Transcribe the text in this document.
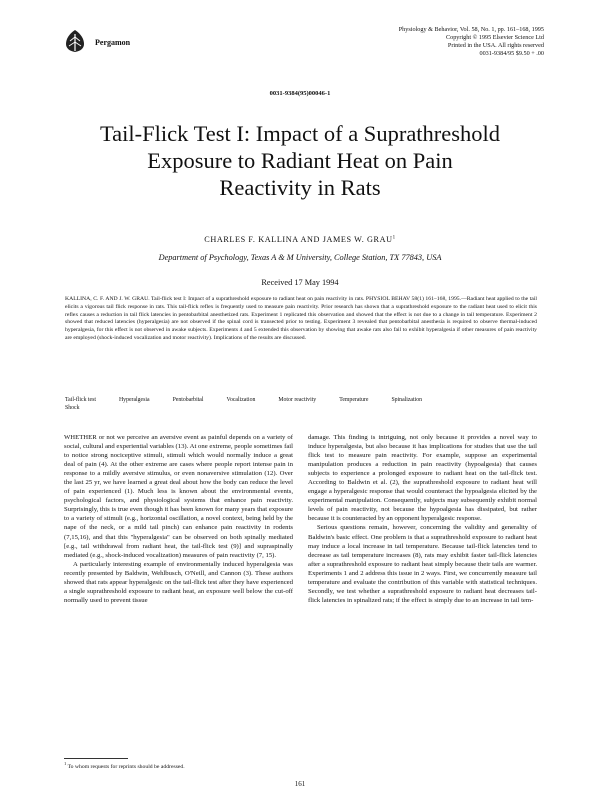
Pergamon
Physiology & Behavior, Vol. 58, No. 1, pp. 161–168, 1995
Copyright © 1995 Elsevier Science Ltd
Printed in the USA. All rights reserved
0031-9384/95 $9.50 + .00
0031-9384(95)00046-1
Tail-Flick Test I: Impact of a Suprathreshold
Exposure to Radiant Heat on Pain
Reactivity in Rats
CHARLES F. KALLINA AND JAMES W. GRAU$^1$
Department of Psychology, Texas A & M University, College Station, TX 77843, USA
Received 17 May 1994
KALLINA, C. F. AND J. W. GRAU. Tail-flick test I: Impact of a suprathreshold exposure to radiant heat on pain reactivity in rats. PHYSIOL BEHAV 58(1) 161–168, 1995.—Radiant heat applied to the tail elicits a vigorous tail flick response in rats. This tail-flick reflex is frequently used to measure pain reactivity. Prior research has shown that a suprathreshold exposure to the radiant heat used to elicit this reflex causes a reduction in tail flick latencies in pentobarbital anesthetized rats. Experiment 1 replicated this observation and showed that the effect is not due to a change in tail temperature. Experiment 2 showed that reduced latencies (hyperalgesia) are not observed if the spinal cord is transected prior to testing. Experiment 3 revealed that pentobarbital anesthesia is required to observe thermal-induced hyperalgesia, for this effect is not observed in awake subjects. Experiments 4 and 5 extended this observation by showing that awake rats also fail to exhibit hyperalgesia if other measures of pain reactivity are employed (shock-induced vocalization and motor reactivity). Implications of the results are discussed.
Tail-flick test	Hyperalgesia	Pentobarbital	Vocalization	Motor reactivity	Temperature	Spinalization
Shock

WHETHER or not we perceive an aversive event as painful depends on a variety of social, cultural and experiential variables (13). At one extreme, people sometimes fail to notice strong nociceptive stimuli, stimuli which would normally induce a great deal of pain (4). At the other extreme are cases where people report intense pain in response to a mildly aversive stimulus, or even nonaversive stimulation (12). Over the last 25 yr, we have learned a great deal about how the body can reduce the level of pain experienced (1). Much less is known about the environmental events, psychological factors, and physiological systems that enhance pain reactivity. Surprisingly, this is true even though it has been known for many years that exposure to a variety of stimuli (e.g., horizontal oscillation, a novel context, being held by the nape of the neck, or a mild tail pinch) can enhance pain reactivity in rodents (7,15,16), and that this "hyperalgesia" can be observed on both spinally mediated [e.g., tail withdrawal from radiant heat, the tail-flick test (9)] and supraspinally mediated (e.g., shock-induced vocalization) measures of pain reactivity (7, 15).

A particularly interesting example of environmentally induced hyperalgesia was recently presented by Baldwin, Wehlbusch, O'Neill, and Cannon (3). These authors showed that rats appear hyperalgesic on the tail-flick test after they have experienced a single suprathreshold exposure to radiant heat, an exposure well below the cut-off normally used to prevent tissue

damage. This finding is intriguing, not only because it provides a novel way to induce hyperalgesia, but also because it has implications for studies that use the tail flick test to measure pain reactivity. For example, suppose an experimental manipulation produces a reduction in pain reactivity (hypoalgesia) that causes subjects to experience a prolonged exposure to radiant heat on the tail-flick test. According to Baldwin et al. (2), the suprathreshold exposure to radiant heat will engage a hyperalgesic response that would counteract the hypoalgesia elicited by the experimental manipulation. Consequently, subjects may subsequently exhibit normal levels of pain reactivity, not because the hypoalgesia has dissipated, but rather because it is counteracted by an opponent hyperalgesic response.

Serious questions remain, however, concerning the validity and generality of Baldwin's basic effect. One problem is that a suprathreshold exposure to radiant heat may induce a local increase in tail temperature. Because tail-flick latencies tend to decrease as tail temperature increases (8), rats may exhibit faster tail-flick latencies after a suprathreshold exposure to radiant heat simply because their tails are warmer. Experiments 1 and 2 address this issue in 2 ways. First, we concurrently measure tail temperature and evaluate the contribution of this variable with statistical techniques. Secondly, we test whether a suprathreshold exposure to radiant heat decreases tail-flick latencies in spinalized rats; if the effect is simply due to an increase in tail tem-

$^1$ To whom requests for reprints should be addressed.
161
